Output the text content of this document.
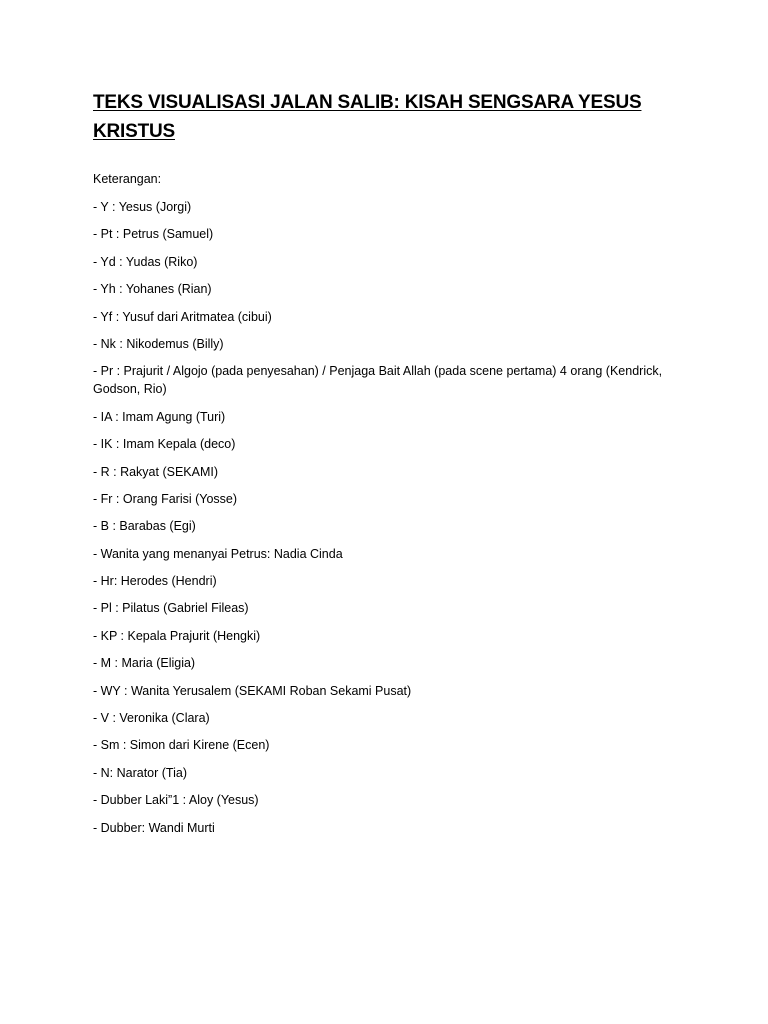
TEKS VISUALISASI JALAN SALIB: KISAH SENGSARA YESUS KRISTUS
Keterangan:
- Y : Yesus (Jorgi)
- Pt : Petrus (Samuel)
- Yd : Yudas (Riko)
- Yh : Yohanes (Rian)
- Yf : Yusuf dari Aritmatea (cibui)
- Nk : Nikodemus (Billy)
- Pr : Prajurit / Algojo (pada penyesahan) / Penjaga Bait Allah (pada scene pertama) 4 orang (Kendrick, Godson, Rio)
- IA : Imam Agung (Turi)
- IK : Imam Kepala (deco)
- R : Rakyat (SEKAMI)
- Fr : Orang Farisi (Yosse)
- B : Barabas (Egi)
- Wanita yang menanyai Petrus: Nadia Cinda
- Hr: Herodes (Hendri)
- Pl : Pilatus (Gabriel Fileas)
- KP : Kepala Prajurit (Hengki)
- M : Maria (Eligia)
- WY : Wanita Yerusalem (SEKAMI Roban Sekami Pusat)
- V : Veronika (Clara)
- Sm : Simon dari Kirene (Ecen)
- N: Narator (Tia)
- Dubber Laki”1 : Aloy (Yesus)
- Dubber: Wandi Murti
